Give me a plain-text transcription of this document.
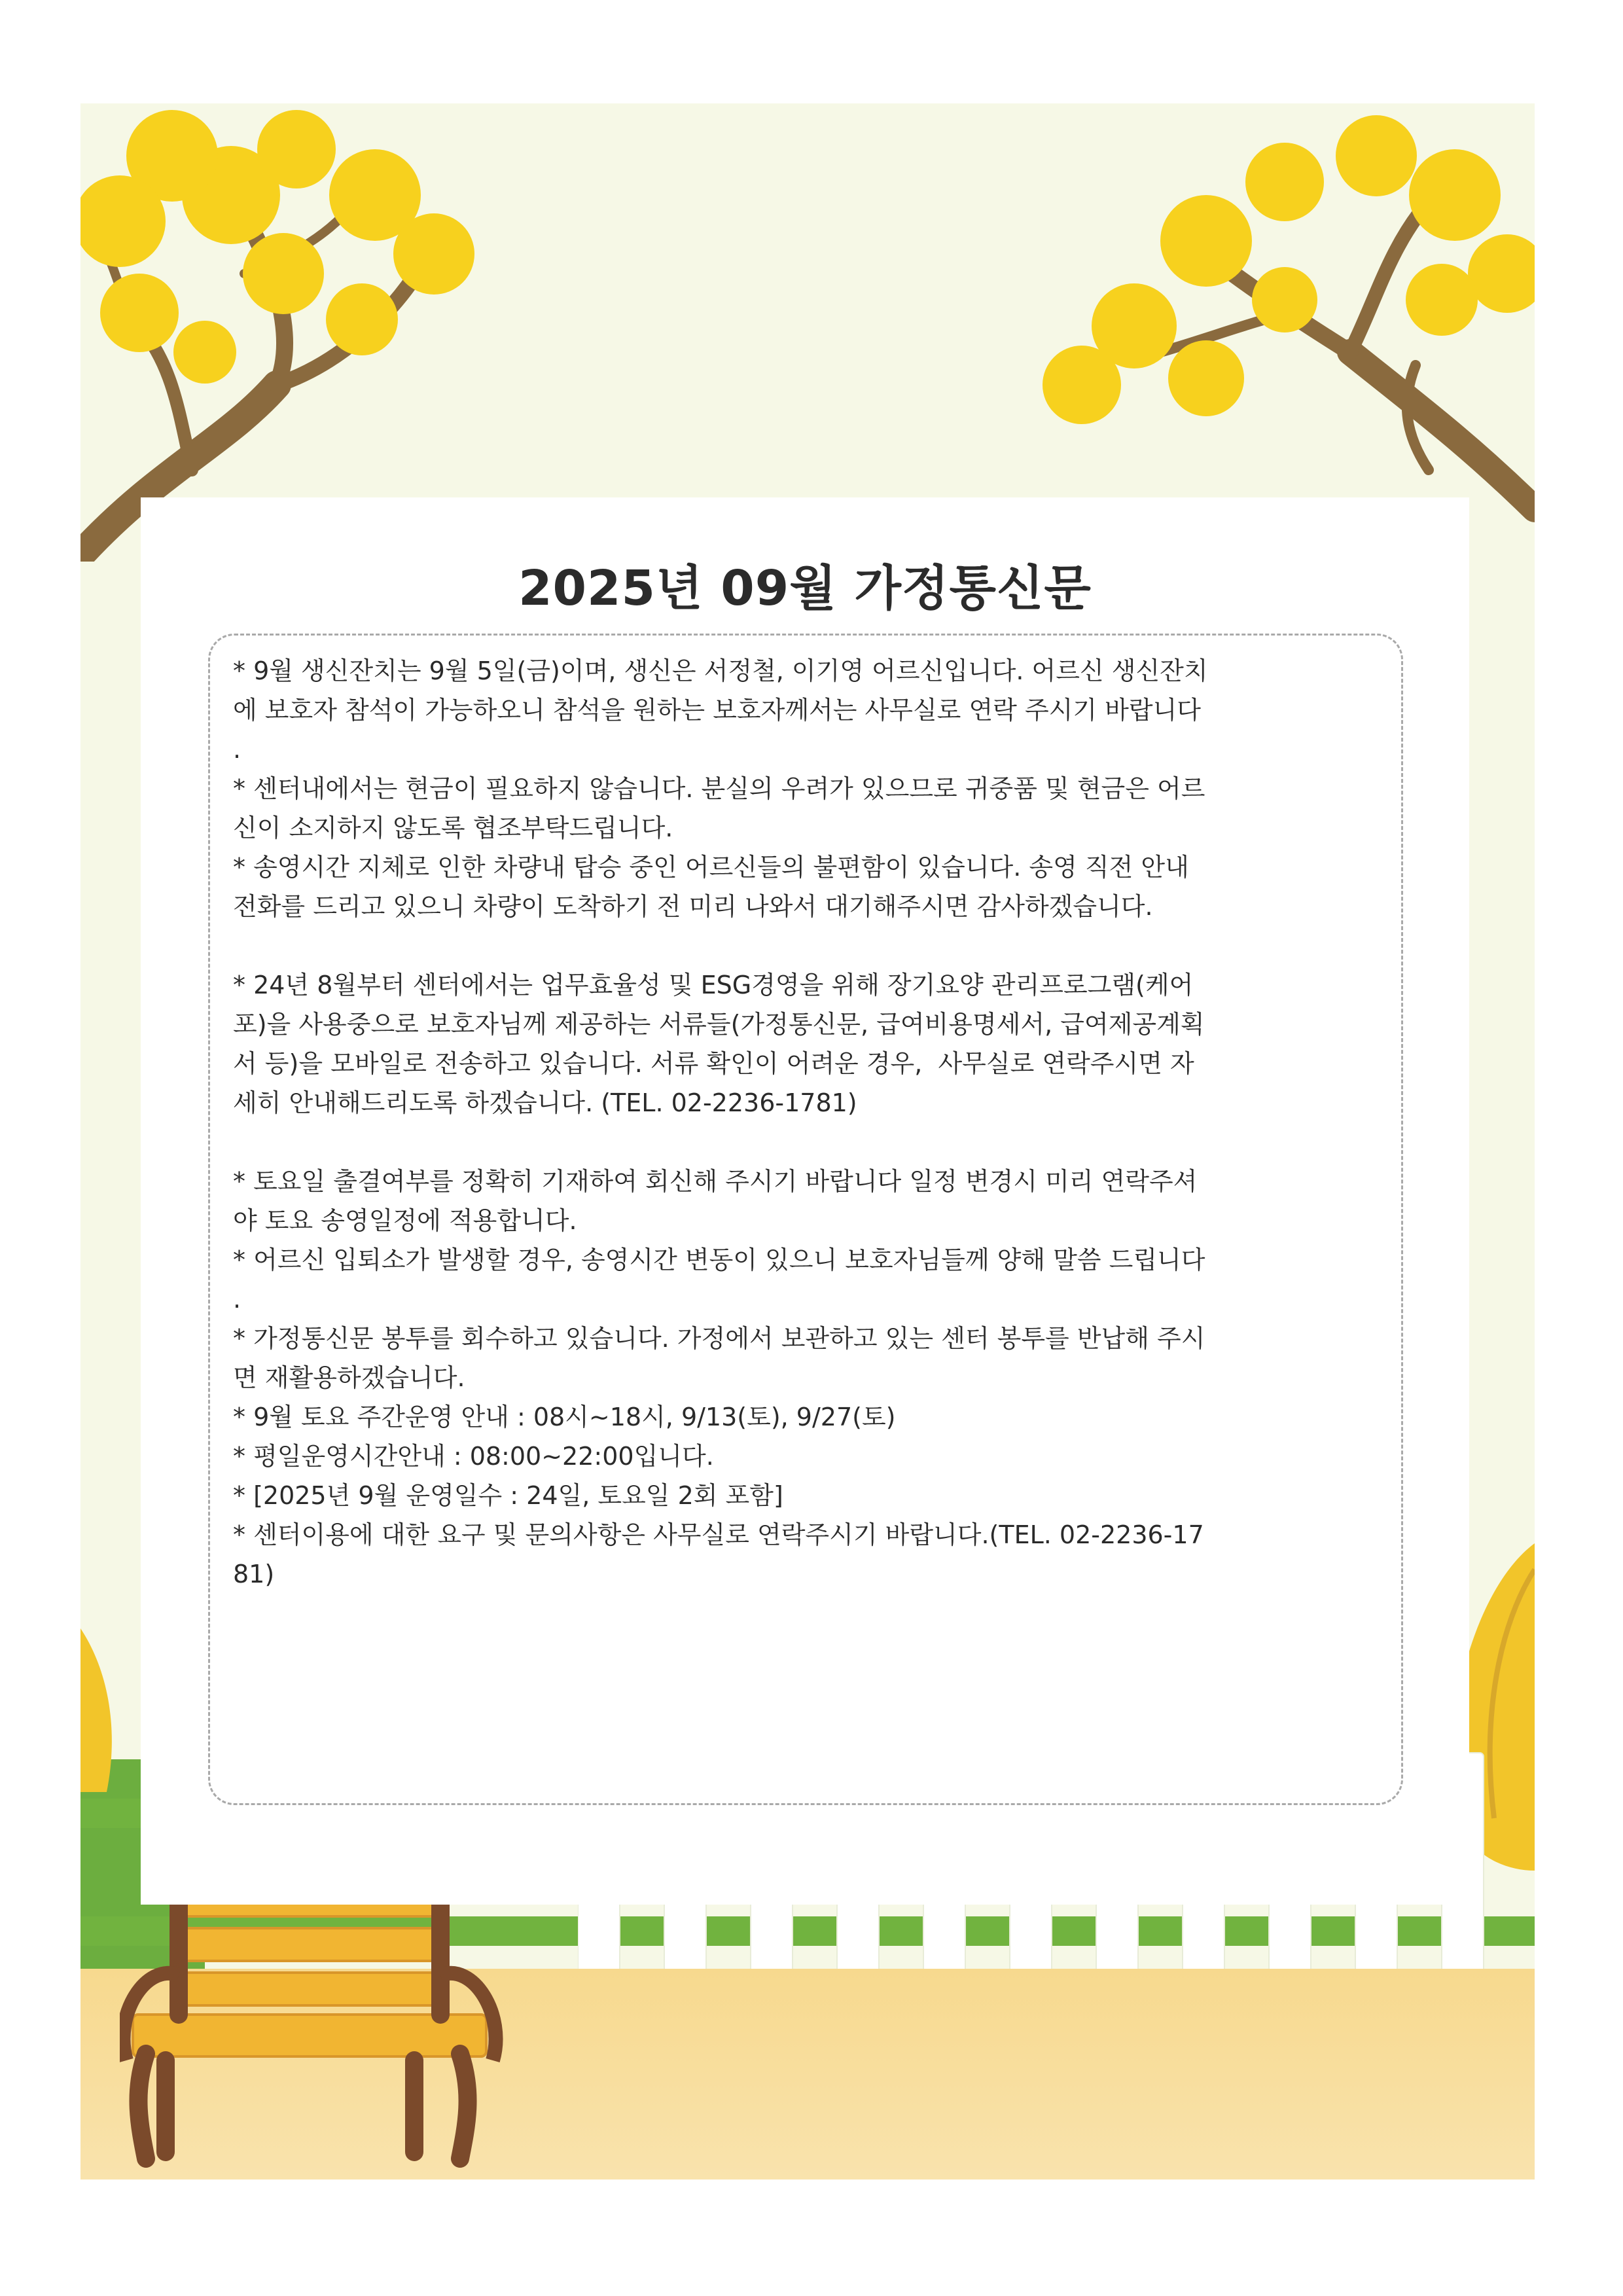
2025년 09월 가정통신문

* 9월 생신잔치는 9월 5일(금)이며, 생신은 서정철, 이기영 어르신입니다. 어르신 생신잔치

에 보호자 참석이 가능하오니 참석을 원하는 보호자께서는 사무실로 연락 주시기 바랍니다

.

* 센터내에서는 현금이 필요하지 않습니다. 분실의 우려가 있으므로 귀중품 및 현금은 어르

신이 소지하지 않도록 협조부탁드립니다.

* 송영시간 지체로 인한 차량내 탑승 중인 어르신들의 불편함이 있습니다. 송영 직전 안내

전화를 드리고 있으니 차량이 도착하기 전 미리 나와서 대기해주시면 감사하겠습니다.

* 24년 8월부터 센터에서는 업무효율성 및 ESG경영을 위해 장기요양 관리프로그램(케어

포)을 사용중으로 보호자님께 제공하는 서류들(가정통신문, 급여비용명세서, 급여제공계획

서 등)을 모바일로 전송하고 있습니다. 서류 확인이 어려운 경우,  사무실로 연락주시면 자

세히 안내해드리도록 하겠습니다. (TEL. 02-2236-1781)

* 토요일 출결여부를 정확히 기재하여 회신해 주시기 바랍니다 일정 변경시 미리 연락주셔

야 토요 송영일정에 적용합니다.

* 어르신 입퇴소가 발생할 경우, 송영시간 변동이 있으니 보호자님들께 양해 말씀 드립니다

.

* 가정통신문 봉투를 회수하고 있습니다. 가정에서 보관하고 있는 센터 봉투를 반납해 주시

면 재활용하겠습니다.

* 9월 토요 주간운영 안내 : 08시~18시, 9/13(토), 9/27(토)

* 평일운영시간안내 : 08:00~22:00입니다.

* [2025년 9월 운영일수 : 24일, 토요일 2회 포함]

* 센터이용에 대한 요구 및 문의사항은 사무실로 연락주시기 바랍니다.(TEL. 02-2236-17

81)
